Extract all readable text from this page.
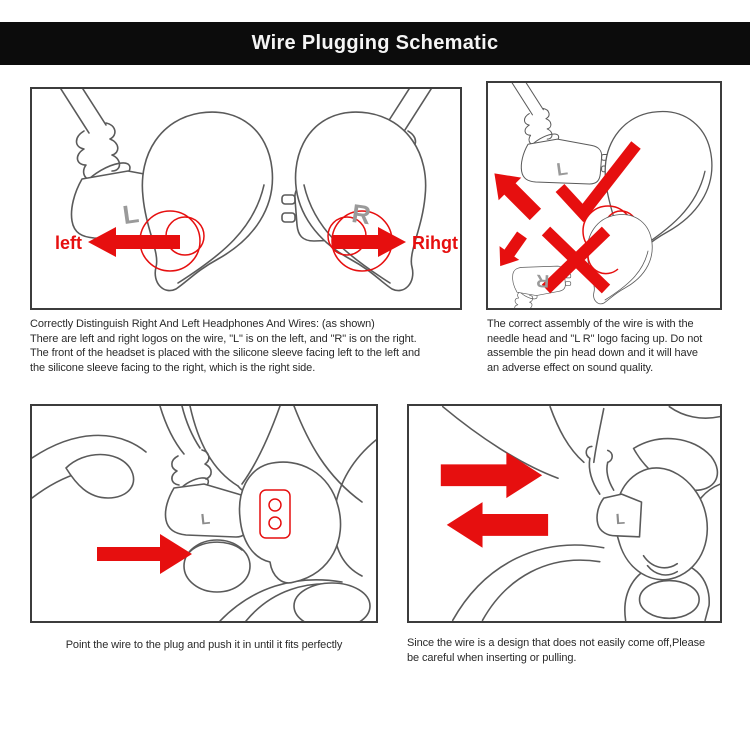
Wire Plugging Schematic
left	Rihgt
L	R
L
R
Correctly Distinguish Right And Left Headphones And Wires: (as shown)
There are left and right logos on the wire, "L" is on the left, and "R" is on the right.
The front of the headset is placed with the silicone sleeve facing left to the left and
the silicone sleeve facing to the right, which is the right side.
The correct assembly of the wire is with the
needle head and "L R" logo facing up. Do not
assemble the pin head down and it will have
an adverse effect on sound quality.
L	L
Point the wire to the plug and push it in until it fits perfectly	Since the wire is a design that does not easily come off,Please
be careful when inserting or pulling.
